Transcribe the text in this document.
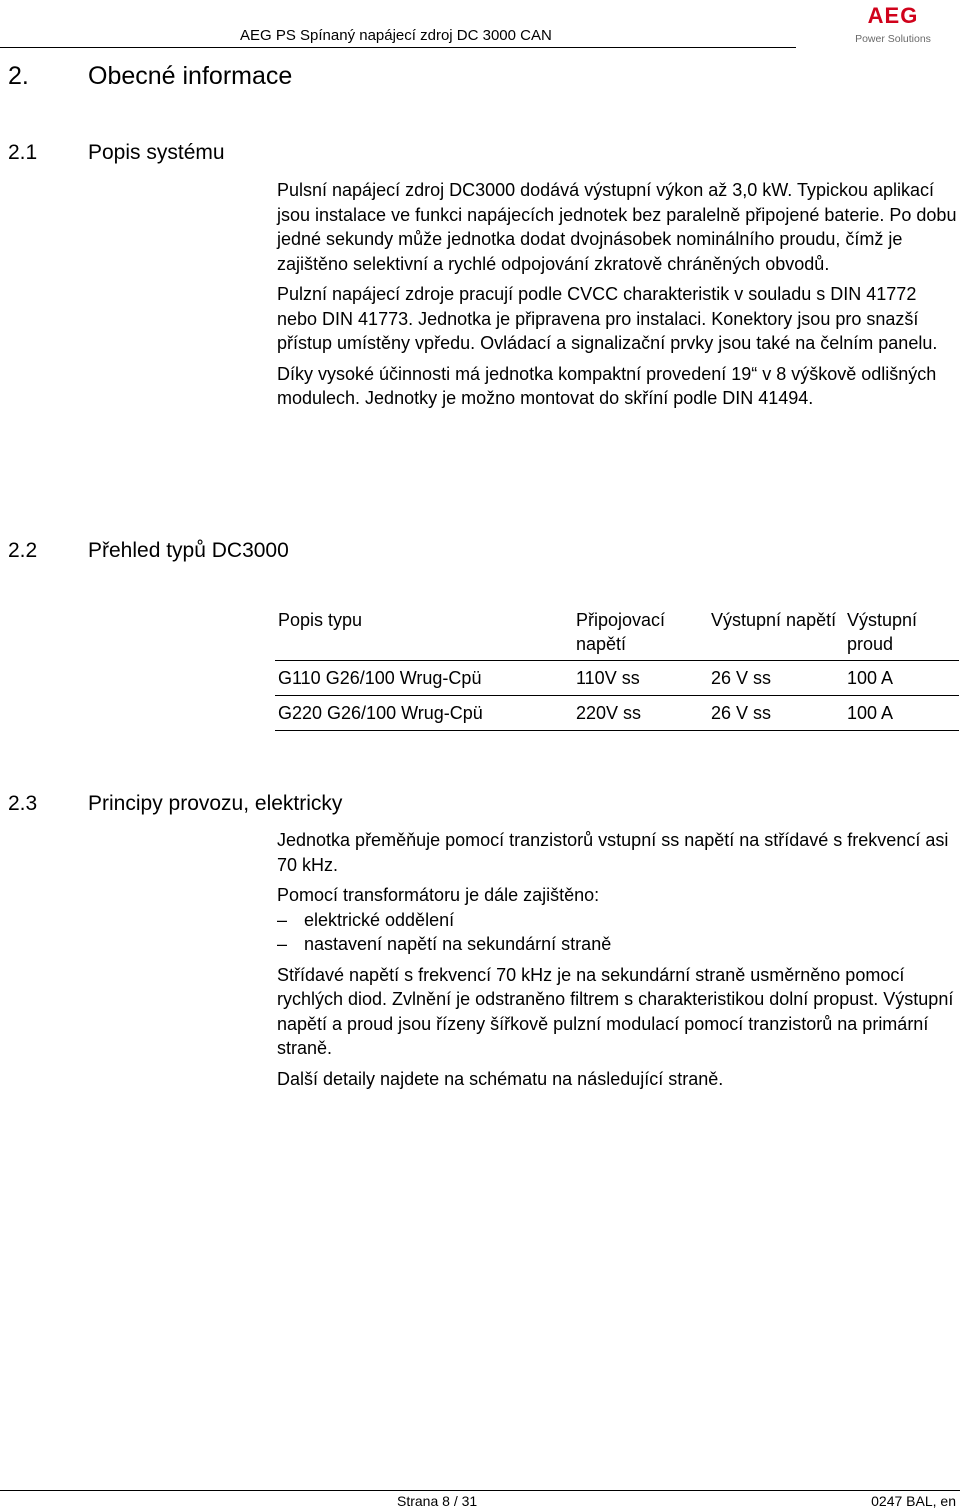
AEG PS Spínaný napájecí zdroj DC 3000 CAN
AEG
Power Solutions
2. Obecné informace
2.1 Popis systému

Pulsní napájecí zdroj DC3000 dodává výstupní výkon až 3,0 kW. Typickou aplikací jsou instalace ve funkci napájecích jednotek bez paralelně připojené baterie. Po dobu jedné sekundy může jednotka dodat dvojnásobek nominálního proudu, čímž je zajištěno selektivní a rychlé odpojování zkratově chráněných obvodů.

Pulzní napájecí zdroje pracují podle CVCC charakteristik v souladu s DIN 41772 nebo DIN 41773. Jednotka je připravena pro instalaci. Konektory jsou pro snazší přístup umístěny vpředu. Ovládací a signalizační prvky jsou také na čelním panelu.

Díky vysoké účinnosti má jednotka kompaktní provedení 19“ v 8 výškově odlišných modulech. Jednotky je možno montovat do skříní podle DIN 41494.

2.2 Přehled typů DC3000
Popis typu	Připojovací napětí	Výstupní napětí	Výstupní proud
G110 G26/100 Wrug-Cpü	110V ss	26 V ss	100 A
G220 G26/100 Wrug-Cpü	220V ss	26 V ss	100 A
2.3 Principy provozu, elektricky

Jednotka přeměňuje pomocí tranzistorů vstupní ss napětí na střídavé s frekvencí asi 70 kHz.

Pomocí transformátoru je dále zajištěno:

– elektrické oddělení
– nastavení napětí na sekundární straně

Střídavé napětí s frekvencí 70 kHz je na sekundární straně usměrněno pomocí rychlých diod. Zvlnění je odstraněno filtrem s charakteristikou dolní propust. Výstupní napětí a proud jsou řízeny šířkově pulzní modulací pomocí tranzistorů na primární straně.

Další detaily najdete na schématu na následující straně.

Strana 8 / 31	0247 BAL, en
